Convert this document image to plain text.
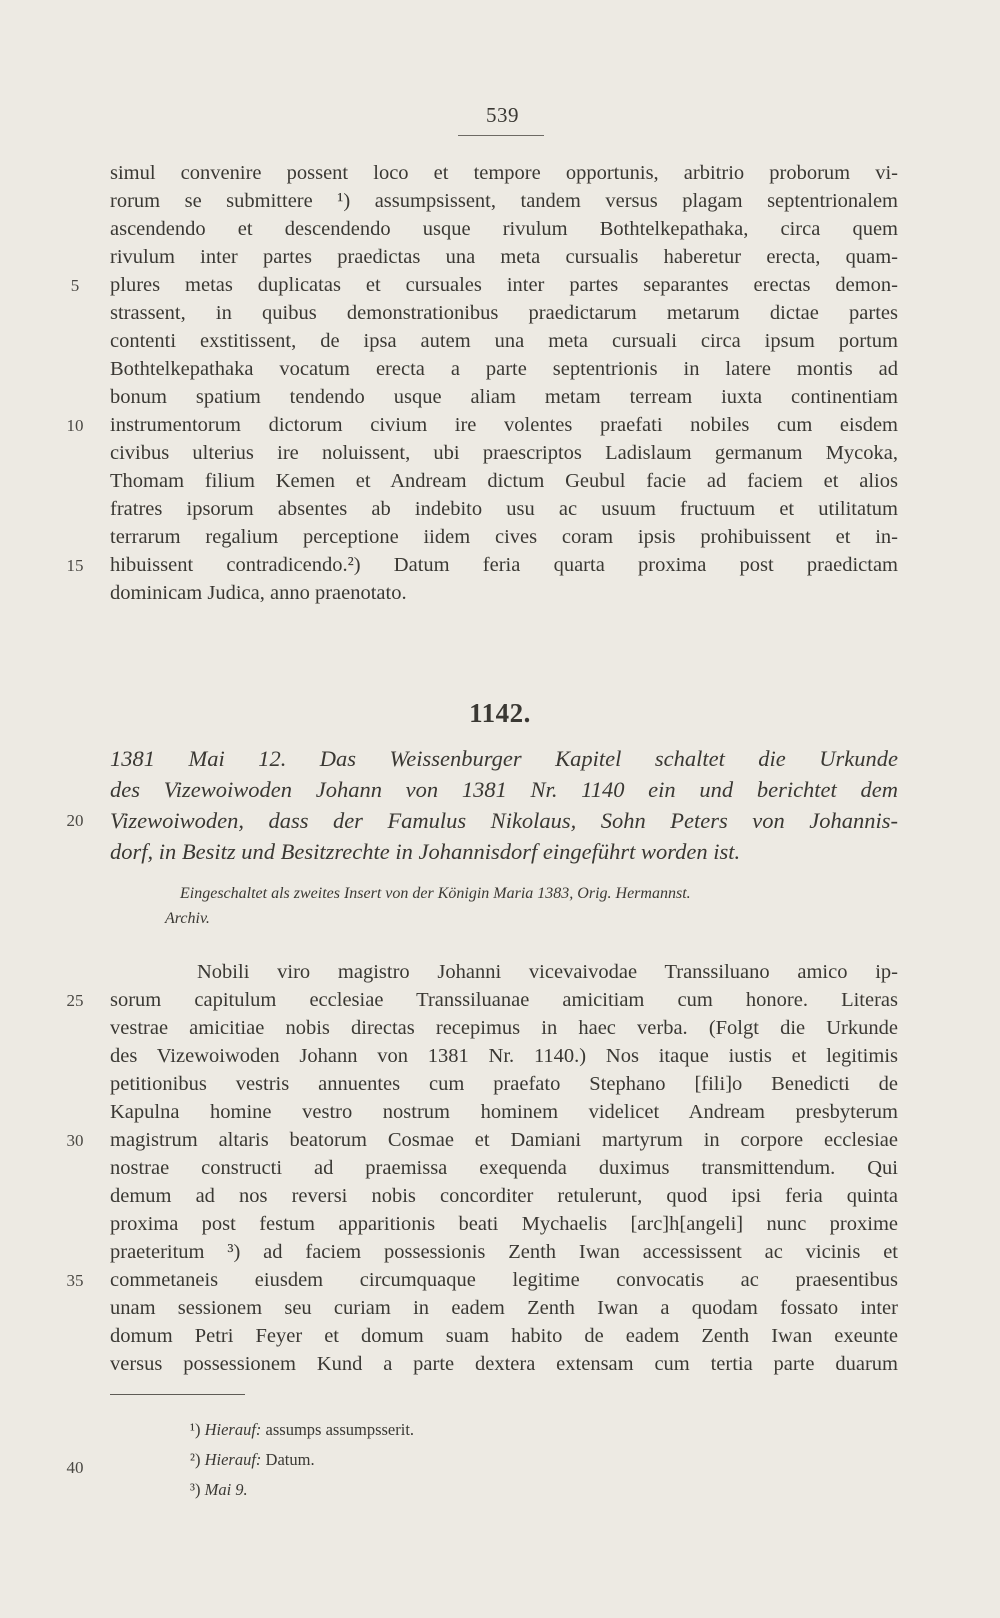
539

simul convenire possent loco et tempore opportunis, arbitrio proborum vi-

rorum se submittere ¹) assumpsissent, tandem versus plagam septentrionalem

ascendendo et descendendo usque rivulum Bothtelkepathaka, circa quem

rivulum inter partes praedictas una meta cursualis haberetur erecta, quam-

plures metas duplicatas et cursuales inter partes separantes erectas demon-

strassent, in quibus demonstrationibus praedictarum metarum dictae partes

contenti exstitissent, de ipsa autem una meta cursuali circa ipsum portum

Bothtelkepathaka vocatum erecta a parte septentrionis in latere montis ad

bonum spatium tendendo usque aliam metam terream iuxta continentiam

instrumentorum dictorum civium ire volentes praefati nobiles cum eisdem

civibus ulterius ire noluissent, ubi praescriptos Ladislaum germanum Mycoka,

Thomam filium Kemen et Andream dictum Geubul facie ad faciem et alios

fratres ipsorum absentes ab indebito usu ac usuum fructuum et utilitatum

terrarum regalium perceptione iidem cives coram ipsis prohibuissent et in-

hibuissent contradicendo.²) Datum feria quarta proxima post praedictam

dominicam Judica, anno praenotato.

5
10
15
20
25
30
35
40
1142.

1381 Mai 12. Das Weissenburger Kapitel schaltet die Urkunde

des Vizewoiwoden Johann von 1381 Nr. 1140 ein und berichtet dem

Vizewoiwoden, dass der Famulus Nikolaus, Sohn Peters von Johannis-

dorf, in Besitz und Besitzrechte in Johannisdorf eingeführt worden ist.

Eingeschaltet als zweites Insert von der Königin Maria 1383, Orig. Hermannst.

Archiv.

Nobili viro magistro Johanni vicevaivodae Transsiluano amico ip-

sorum capitulum ecclesiae Transsiluanae amicitiam cum honore. Literas

vestrae amicitiae nobis directas recepimus in haec verba. (Folgt die Urkunde

des Vizewoiwoden Johann von 1381 Nr. 1140.) Nos itaque iustis et legitimis

petitionibus vestris annuentes cum praefato Stephano [fili]o Benedicti de

Kapulna homine vestro nostrum hominem videlicet Andream presbyterum

magistrum altaris beatorum Cosmae et Damiani martyrum in corpore ecclesiae

nostrae constructi ad praemissa exequenda duximus transmittendum. Qui

demum ad nos reversi nobis concorditer retulerunt, quod ipsi feria quinta

proxima post festum apparitionis beati Mychaelis [arc]h[angeli] nunc proxime

praeteritum ³) ad faciem possessionis Zenth Iwan accessissent ac vicinis et

commetaneis eiusdem circumquaque legitime convocatis ac praesentibus

unam sessionem seu curiam in eadem Zenth Iwan a quodam fossato inter

domum Petri Feyer et domum suam habito de eadem Zenth Iwan exeunte

versus possessionem Kund a parte dextera extensam cum tertia parte duarum

¹) Hierauf: assumps assumpsserit.
²) Hierauf: Datum.
³) Mai 9.
